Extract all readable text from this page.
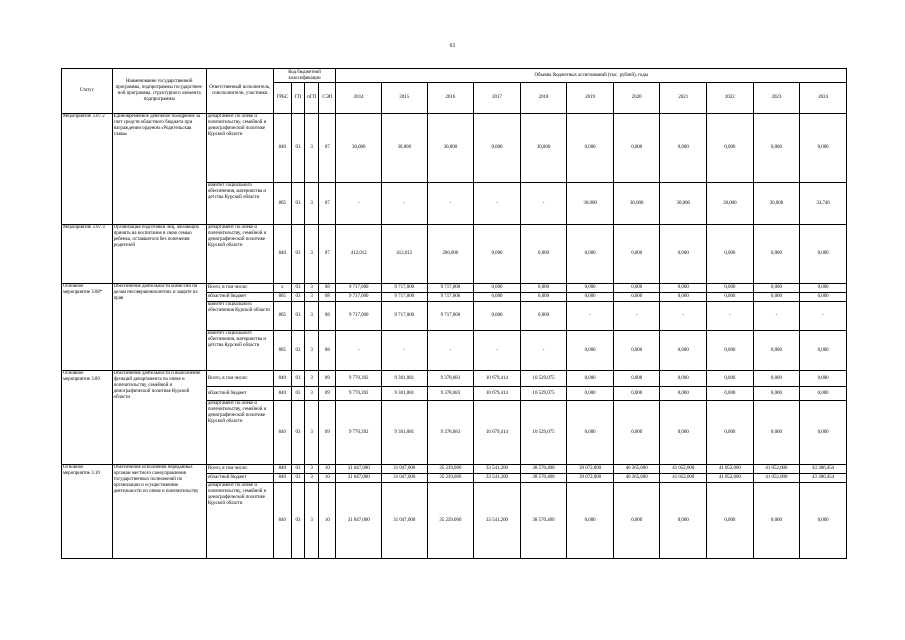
61
Статус	Наименование государственной программы, подпрограммы государствен- ной программы, структурного элемента подпрограммы	Ответственный исполнитель, соисполнители, участники	Код бюджетной классификации				Объемы бюджетных ассигнований (тыс. рублей), годы										
			ГРБС	ГП	пГП	СЭП	2014	2015	2016	2017	2018	2019	2020	2021	2022	2023	2024
Мероприятие 3.07.2	Единовременное денежное поощрение за счет средств областного бюджета при награждении орденом «Родительская слава»	департамент по опеке и попечительству, семейной и демографической политике Курской области	840	03	3	07	30,000	30,000	30,000	0,000	30,000	0,000	0,000	0,000	0,000	0,000	0,000
		комитет социального обеспечения, материнства и детства Курской области	805	03	3	07	-	-	-	-	-	30,000	30,000	30,000	30,000	30,000	33,746
Мероприятие 3.07.3	Организация подготовки лиц, желающих принять на воспитание в свою семью ребенка, оставшегося без попечения родителей	департамент по опеке и попечительству, семейной и демографической политике Курской области	840	03	3	07	412,012	412,012	206,006	0,000	0,000	0,000	0,000	0,000	0,000	0,000	0,000
Основное мероприятие 3.08*	Обеспечение деятельности комиссий по делам несовершеннолетних и защите их прав	Всего, в том числе:	х	03	3	08	9 717,000	9 717,000	9 717,000	0,000	0,000	0,000	0,000	0,000	0,000	0,000	0,000
		областной бюджет	805	03	3	08	9 717,000	9 717,000	9 717,000	0,000	0,000	0,000	0,000	0,000	0,000	0,000	0,000
		комитет социального обеспечения Курской области	805	03	3	08	9 717,000	9 717,000	9 717,000	0,000	0,000	-	-	-	-	-	-
		комитет социального обеспечения, материнства и детства Курской области	805	03	3	08	-	-	-	-	-	0,000	0,000	0,000	0,000	0,000	0,000
Основное мероприятие 3.09	Обеспечение деятельности и выполнение функций департамента по опеке и попечительству, семейной и демографической политике Курской области	Всего, в том числе:	840	03	3	09	9 770,392	9 301,081	9 378,683	10 679,414	10 529,075	0,000	0,000	0,000	0,000	0,000	0,000
		областной бюджет	840	03	3	09	9 770,392	9 301,081	9 378,683	10 679,414	10 529,075	0,000	0,000	0,000	0,000	0,000	0,000
		департамент по опеке и попечительству, семейной и демографической политике Курской области	840	03	3	09	9 770,392	9 301,081	9 378,683	10 679,414	10 529,075	0,000	0,000	0,000	0,000	0,000	0,000
Основное мероприятие 3.10	Обеспечение исполнения переданных органам местного самоуправления государственных полномочий по организации и осуществлению деятельности по опеке и попечительству	Всего, в том числе:	840	03	3	10	31 047,000	31 047,000	35 239,000	33 541,200	38 570,400	39 072,000	40 365,600	41 052,000	41 052,000	41 052,000	43 386,454
		областной бюджет	840	03	3	10	31 047,000	31 047,000	35 239,000	33 541,200	38 570,400	39 072,000	40 365,600	41 052,000	41 052,000	41 052,000	43 386,454
		департамент по опеке и попечительству, семейной и демографической политике Курской области	840	03	3	10	31 047,000	31 047,000	35 239,000	33 541,200	38 570,400	0,000	0,000	0,000	0,000	0,000	0,000
